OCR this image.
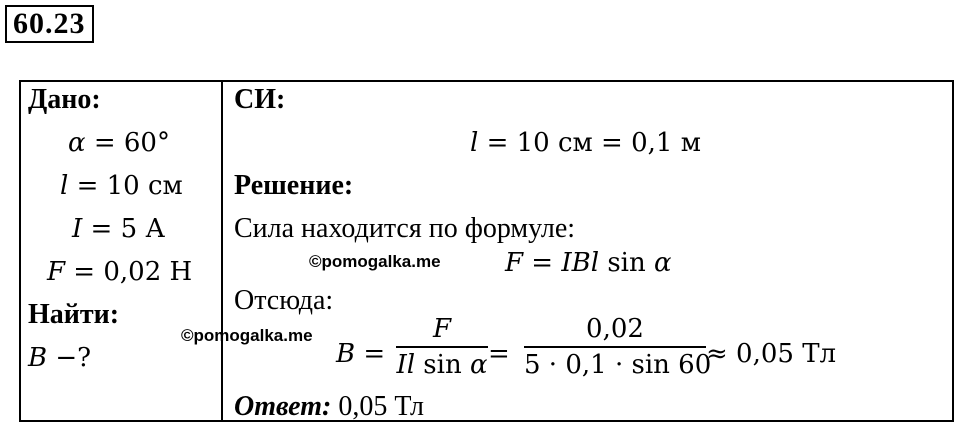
60.23
Дано:
α = 60°
l = 10 см
I = 5 А
F = 0,02 Н
Найти:
B −?
СИ:
l = 10 см = 0,1 м
Решение:
Сила находится по формуле:
F = IBl sin α
Отсюда:
B =
F
Il sin α =
0,02
5 · 0,1 · sin 60
≈ 0,05 Тл
Ответ: 0,05 Тл
©pomogalka.me
©pomogalka.me
